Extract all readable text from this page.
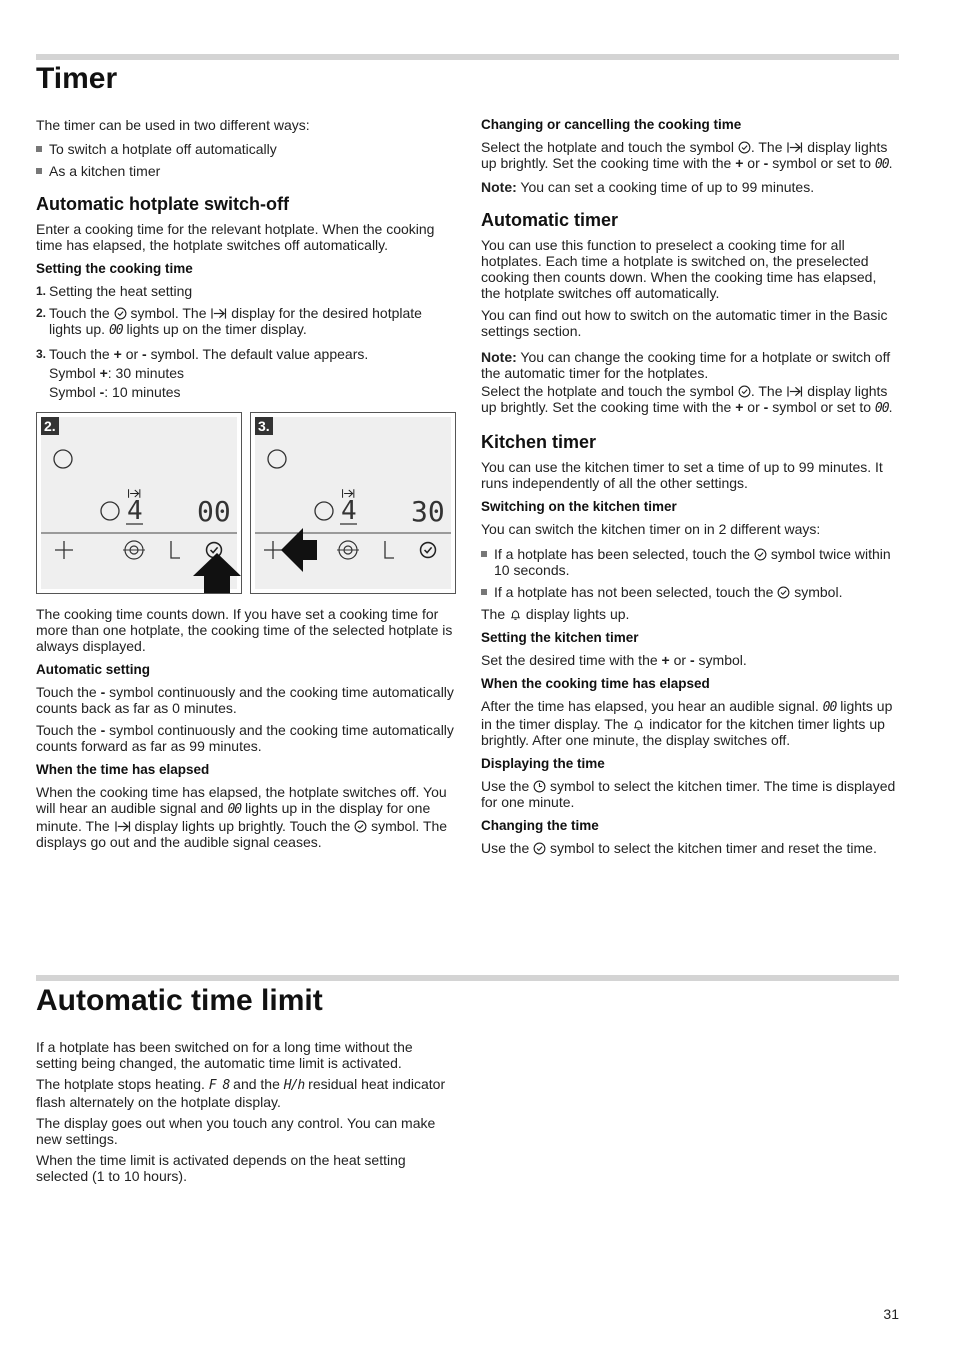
Timer

The timer can be used in two different ways:

To switch a hotplate off automatically

As a kitchen timer

Automatic hotplate switch-off

Enter a cooking time for the relevant hotplate. When the cooking time has elapsed, the hotplate switches off automatically.

Setting the cooking time

1. Setting the heat setting

2. Touch the symbol. The display for the desired hotplate lights up. 00 lights up on the timer display.

3. Touch the + or - symbol. The default value appears.
Symbol +: 30 minutes
Symbol -: 10 minutes

2.
4 00
3.
4 30

The cooking time counts down. If you have set a cooking time for more than one hotplate, the cooking time of the selected hotplate is always displayed.

Automatic setting

Touch the - symbol continuously and the cooking time automatically counts back as far as 0 minutes.

Touch the - symbol continuously and the cooking time automatically counts forward as far as 99 minutes.

When the time has elapsed

When the cooking time has elapsed, the hotplate switches off. You will hear an audible signal and 00 lights up in the display for one minute. The display lights up brightly. Touch the symbol. The displays go out and the audible signal ceases.

Changing or cancelling the cooking time

Select the hotplate and touch the symbol . The display lights up brightly. Set the cooking time with the + or - symbol or set to 00.

Note: You can set a cooking time of up to 99 minutes.

Automatic timer

You can use this function to preselect a cooking time for all hotplates. Each time a hotplate is switched on, the preselected cooking then counts down. When the cooking time has elapsed, the hotplate switches off automatically.

You can find out how to switch on the automatic timer in the Basic settings section.

Note: You can change the cooking time for a hotplate or switch off the automatic timer for the hotplates.

Select the hotplate and touch the symbol . The display lights up brightly. Set the cooking time with the + or - symbol or set to 00.

Kitchen timer

You can use the kitchen timer to set a time of up to 99 minutes. It runs independently of all the other settings.

Switching on the kitchen timer

You can switch the kitchen timer on in 2 different ways:

If a hotplate has been selected, touch the symbol twice within 10 seconds.

If a hotplate has not been selected, touch the symbol.

The display lights up.

Setting the kitchen timer

Set the desired time with the + or - symbol.

When the cooking time has elapsed

After the time has elapsed, you hear an audible signal. 00 lights up in the timer display. The indicator for the kitchen timer lights up brightly. After one minute, the display switches off.

Displaying the time

Use the symbol to select the kitchen timer. The time is displayed for one minute.

Changing the time

Use the symbol to select the kitchen timer and reset the time.

Automatic time limit

If a hotplate has been switched on for a long time without the setting being changed, the automatic time limit is activated.

The hotplate stops heating. F 8 and the H/h residual heat indicator flash alternately on the hotplate display.

The display goes out when you touch any control. You can make new settings.

When the time limit is activated depends on the heat setting selected (1 to 10 hours).

31
